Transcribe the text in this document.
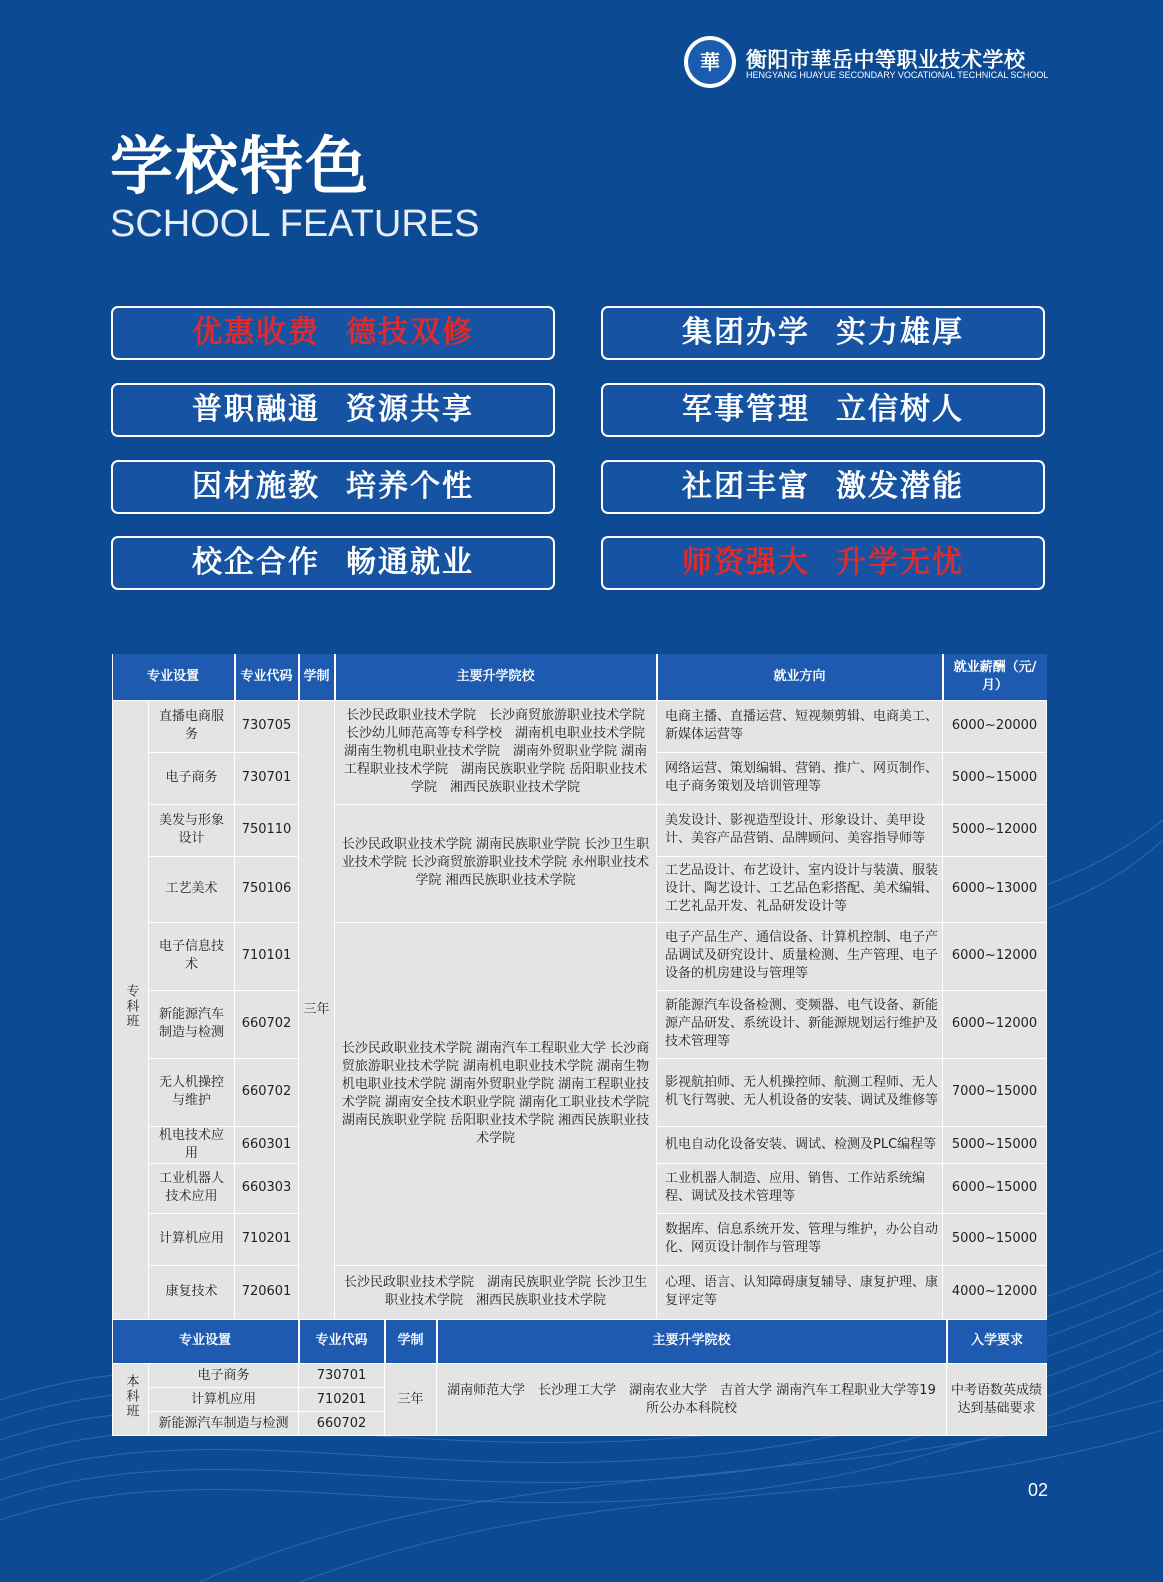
華	衡阳市華岳中等职业技术学校
HENGYANG HUAYUE SECONDARY VOCATIONAL TECHNICAL SCHOOL
学校特色
SCHOOL FEATURES
优惠收费 德技双修	集团办学 实力雄厚
普职融通 资源共享	军事管理 立信树人
因材施教 培养个性	社团丰富 激发潜能
校企合作 畅通就业	师资强大 升学无忧
专业设置		专业代码	学制	主要升学院校	就业方向	就业薪酬（元/月）
专科班	直播电商服务	730705	三年	长沙民政职业技术学院　长沙商贸旅游职业技术学院 长沙幼儿师范高等专科学校　湖南机电职业技术学院 湖南生物机电职业技术学院　湖南外贸职业学院 湖南工程职业技术学院　湖南民族职业学院 岳阳职业技术学院　湘西民族职业技术学院	电商主播、直播运营、短视频剪辑、电商美工、新媒体运营等	6000~20000
	电子商务	730701			网络运营、策划编辑、营销、推广、网页制作、电子商务策划及培训管理等	5000~15000
	美发与形象设计	750110		长沙民政职业技术学院 湖南民族职业学院 长沙卫生职业技术学院 长沙商贸旅游职业技术学院 永州职业技术学院 湘西民族职业技术学院	美发设计、影视造型设计、形象设计、美甲设计、美容产品营销、品牌顾问、美容指导师等	5000~12000
	工艺美术	750106			工艺品设计、布艺设计、室内设计与装潢、服装设计、陶艺设计、工艺品色彩搭配、美术编辑、工艺礼品开发、礼品研发设计等	6000~13000
	电子信息技术	710101		长沙民政职业技术学院 湖南汽车工程职业大学 长沙商贸旅游职业技术学院 湖南机电职业技术学院 湖南生物机电职业技术学院 湖南外贸职业学院 湖南工程职业技术学院 湖南安全技术职业学院 湖南化工职业技术学院 湖南民族职业学院 岳阳职业技术学院 湘西民族职业技术学院	电子产品生产、通信设备、计算机控制、电子产品调试及研究设计、质量检测、生产管理、电子设备的机房建设与管理等	6000~12000
	新能源汽车制造与检测	660702			新能源汽车设备检测、变频器、电气设备、新能源产品研发、系统设计、新能源规划运行维护及技术管理等	6000~12000
	无人机操控与维护	660702			影视航拍师、无人机操控师、航测工程师、无人机飞行驾驶、无人机设备的安装、调试及维修等	7000~15000
	机电技术应用	660301			机电自动化设备安装、调试、检测及PLC编程等	5000~15000
	工业机器人技术应用	660303			工业机器人制造、应用、销售、工作站系统编程、调试及技术管理等	6000~15000
	计算机应用	710201			数据库、信息系统开发、管理与维护，办公自动化、网页设计制作与管理等	5000~15000
	康复技术	720601		长沙民政职业技术学院　湖南民族职业学院 长沙卫生职业技术学院　湘西民族职业技术学院	心理、语言、认知障碍康复辅导、康复护理、康复评定等	4000~12000
专业设置		专业代码	学制	主要升学院校	入学要求
本科班	电子商务	730701	三年	湖南师范大学　长沙理工大学　湖南农业大学　吉首大学 湖南汽车工程职业大学等19所公办本科院校	中考语数英成绩达到基础要求
	计算机应用	710201			
	新能源汽车制造与检测	660702			
02
